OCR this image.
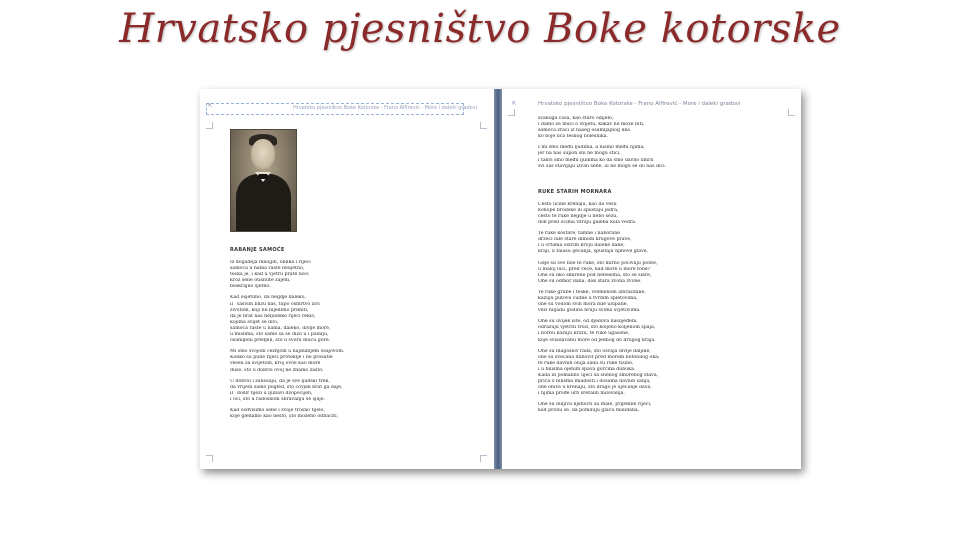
Hrvatsko pjesništvo Boke kotorske
⇱	Hrvatsko pjesništvo Boke Kotorske - Frano Alfirević - More i daleki gradovi
RABANJE SAMOĆE
Iz dogadeja mnogih, oblika i riječi
samoća u nama raste neujetno,
teška je, i kad u vjetru prate noći
kroz sene otisnute zajedi,
beskrajno sjetno.
Kad osjetimo, da negdje daleko,
il` sasvim blizu nas, tupo osmrtvo živi
životom, koji ne bijedimo primiti,
da je brat naš neljudske riječi rekio,
kojima svijet se divi,
samoća raste u nama, daleko, divlje more,
u mislima, što same sa se dižu u i padaju,
osamljeni predjeli, što u svoru mucu gore.
Mi smo svojom čežnjom u najdubljem osajovom.
Koliko su pune riječi proteklje i ne prosatle
veseu za svijetom, kroj ovoe kao more
duše, što u dobroi ovoj ne znamo zašto.
U dobroi i zanosaju, da je sve ljudski tren,
da vrijedi samo pogled, što čovjek brat ga daje,
il` dodir nježi u ljubavi dzopocijen,
i oči, što u radosnom sbravanju se sjaje.
Kad osdvisimo sebe i svoje trošno tijelo,
koje gledamo kao nešto, što moženo odbaciti,
⇱	Hrvatsko pjesništvo Boke Kotorske - Frano Alfirević - More i daleki gradovi
svakoga časa, kao staro odijelo,
i damo se muči o svijetu, kakav ne može biti,
samoća zraći iz našeg osamljajnog lika
ko boje lica teškog bolesnika.
I mi smo među ljudima, a nismo među njima,
jer na naš supon sni ne mogu stići,
i takvi smo među ljudima ko da smo davno umrli
svi sas stavljaju izvan sebe, al ne mogu se do nas dići.
RUKE STARIH MORNARA
Često učine krenaju, kao da vesu
konope brodske ili spuštaju jedra,
često te ruke negdje u nebo sežu,
dok pred očima titraju galeba kola vedra.
Te ruke kostare, tamne i naborane
držeći lule stare dimom krugove prave,
i u crtama oštrim kroju daleke dane,
kraji, u talasu ijecanja, spuštaju njihove glave.
Gdje su sve bile te ruke, što mirno počivaju ponte,
u maloj luci, pred veče, kad more u more tone?
One su nko smirene pod nebesima, što se slare,
One su odmor dana, dok stara zvona zvone.
Te ruke grube i teške, vremenom izbrazdane,
kazuju putove čudne u tvrdim spletovima,
one su vodom svih mora bile ulupane,
vezi hiljadu godina hruju svima svjetovima.
One su uvijek iste, od djedova naslijeđeni,
odražuju vjetriti trud, što koljeno koljenom spaja,
i borbu kazuju krutu, te ruke ugašene,
koje svladavahu more od jednog do drugog kraja.
One su blagoslov rada, što osvaja divlje daljine,
one su svečana duhovit pred morem netonilog oka;
te ruke davnih oluja sada su ruke tišine,
i u bilisma ojenim spava gorčina duboka.
Kada ih pomalino ujeći sa snenog smorenog stava,
priča o bilisma mladosti i dosama davnih sanja,
one ohive u krenaju, što drago je ujećanje dava,
i njima prođe urb sretalih milovanja.
One su duljiva njehocti sa male, prijemne riječi,
kad pronu se, da pomiluju glavu malidana,
